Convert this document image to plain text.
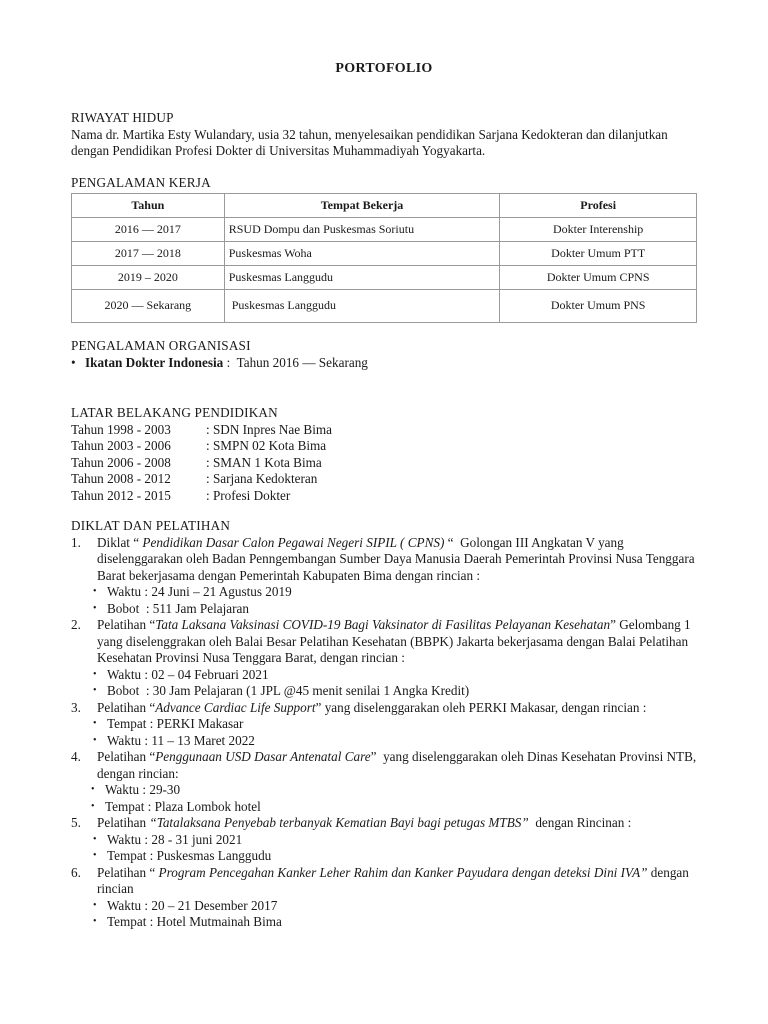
PORTOFOLIO
RIWAYAT HIDUP

Nama dr. Martika Esty Wulandary, usia 32 tahun, menyelesaikan pendidikan Sarjana Kedokteran dan dilanjutkan dengan Pendidikan Profesi Dokter di Universitas Muhammadiyah Yogyakarta.

PENGALAMAN KERJA
Tahun	Tempat Bekerja	Profesi
2016 — 2017	RSUD Dompu dan Puskesmas Soriutu	Dokter Interenship
2017 — 2018	Puskesmas Woha	Dokter Umum PTT
2019 – 2020	Puskesmas Langgudu	Dokter Umum CPNS
2020 — Sekarang	Puskesmas Langgudu	Dokter Umum PNS
PENGALAMAN ORGANISASI
• Ikatan Dokter Indonesia : Tahun 2016 — Sekarang
LATAR BELAKANG PENDIDIKAN
Tahun 1998 - 2003	: SDN Inpres Nae Bima
Tahun 2003 - 2006	: SMPN 02 Kota Bima
Tahun 2006 - 2008	: SMAN 1 Kota Bima
Tahun 2008 - 2012	: Sarjana Kedokteran
Tahun 2012 - 2015	: Profesi Dokter
DIKLAT DAN PELATIHAN
1.	Diklat “ Pendidikan Dasar Calon Pegawai Negeri SIPIL ( CPNS) “  Golongan III Angkatan V yang diselenggarakan oleh Badan Penngembangan Sumber Daya Manusia Daerah Pemerintah Provinsi Nusa Tenggara Barat bekerjasama dengan Pemerintah Kabupaten Bima dengan rincian :
• Waktu : 24 Juni – 21 Agustus 2019
• Bobot  : 511 Jam Pelajaran
2.	Pelatihan “Tata Laksana Vaksinasi COVID-19 Bagi Vaksinator di Fasilitas Pelayanan Kesehatan” Gelombang 1 yang diselenggrakan oleh Balai Besar Pelatihan Kesehatan (BBPK) Jakarta bekerjasama dengan Balai Pelatihan Kesehatan Provinsi Nusa Tenggara Barat, dengan rincian :
• Waktu : 02 – 04 Februari 2021
• Bobot  : 30 Jam Pelajaran (1 JPL @45 menit senilai 1 Angka Kredit)
3.	Pelatihan “Advance Cardiac Life Support” yang diselenggarakan oleh PERKI Makasar, dengan rincian :
• Tempat : PERKI Makasar
• Waktu : 11 – 13 Maret 2022
4.	Pelatihan “Penggunaan USD Dasar Antenatal Care”  yang diselenggarakan oleh Dinas Kesehatan Provinsi NTB, dengan rincian:
• Waktu : 29-30
• Tempat : Plaza Lombok hotel
5.	Pelatihan “Tatalaksana Penyebab terbanyak Kematian Bayi bagi petugas MTBS”  dengan Rincinan :
• Waktu : 28 - 31 juni 2021
• Tempat : Puskesmas Langgudu
6.	Pelatihan “ Program Pencegahan Kanker Leher Rahim dan Kanker Payudara dengan deteksi Dini IVA” dengan rincian
• Waktu : 20 – 21 Desember 2017
• Tempat : Hotel Mutmainah Bima
